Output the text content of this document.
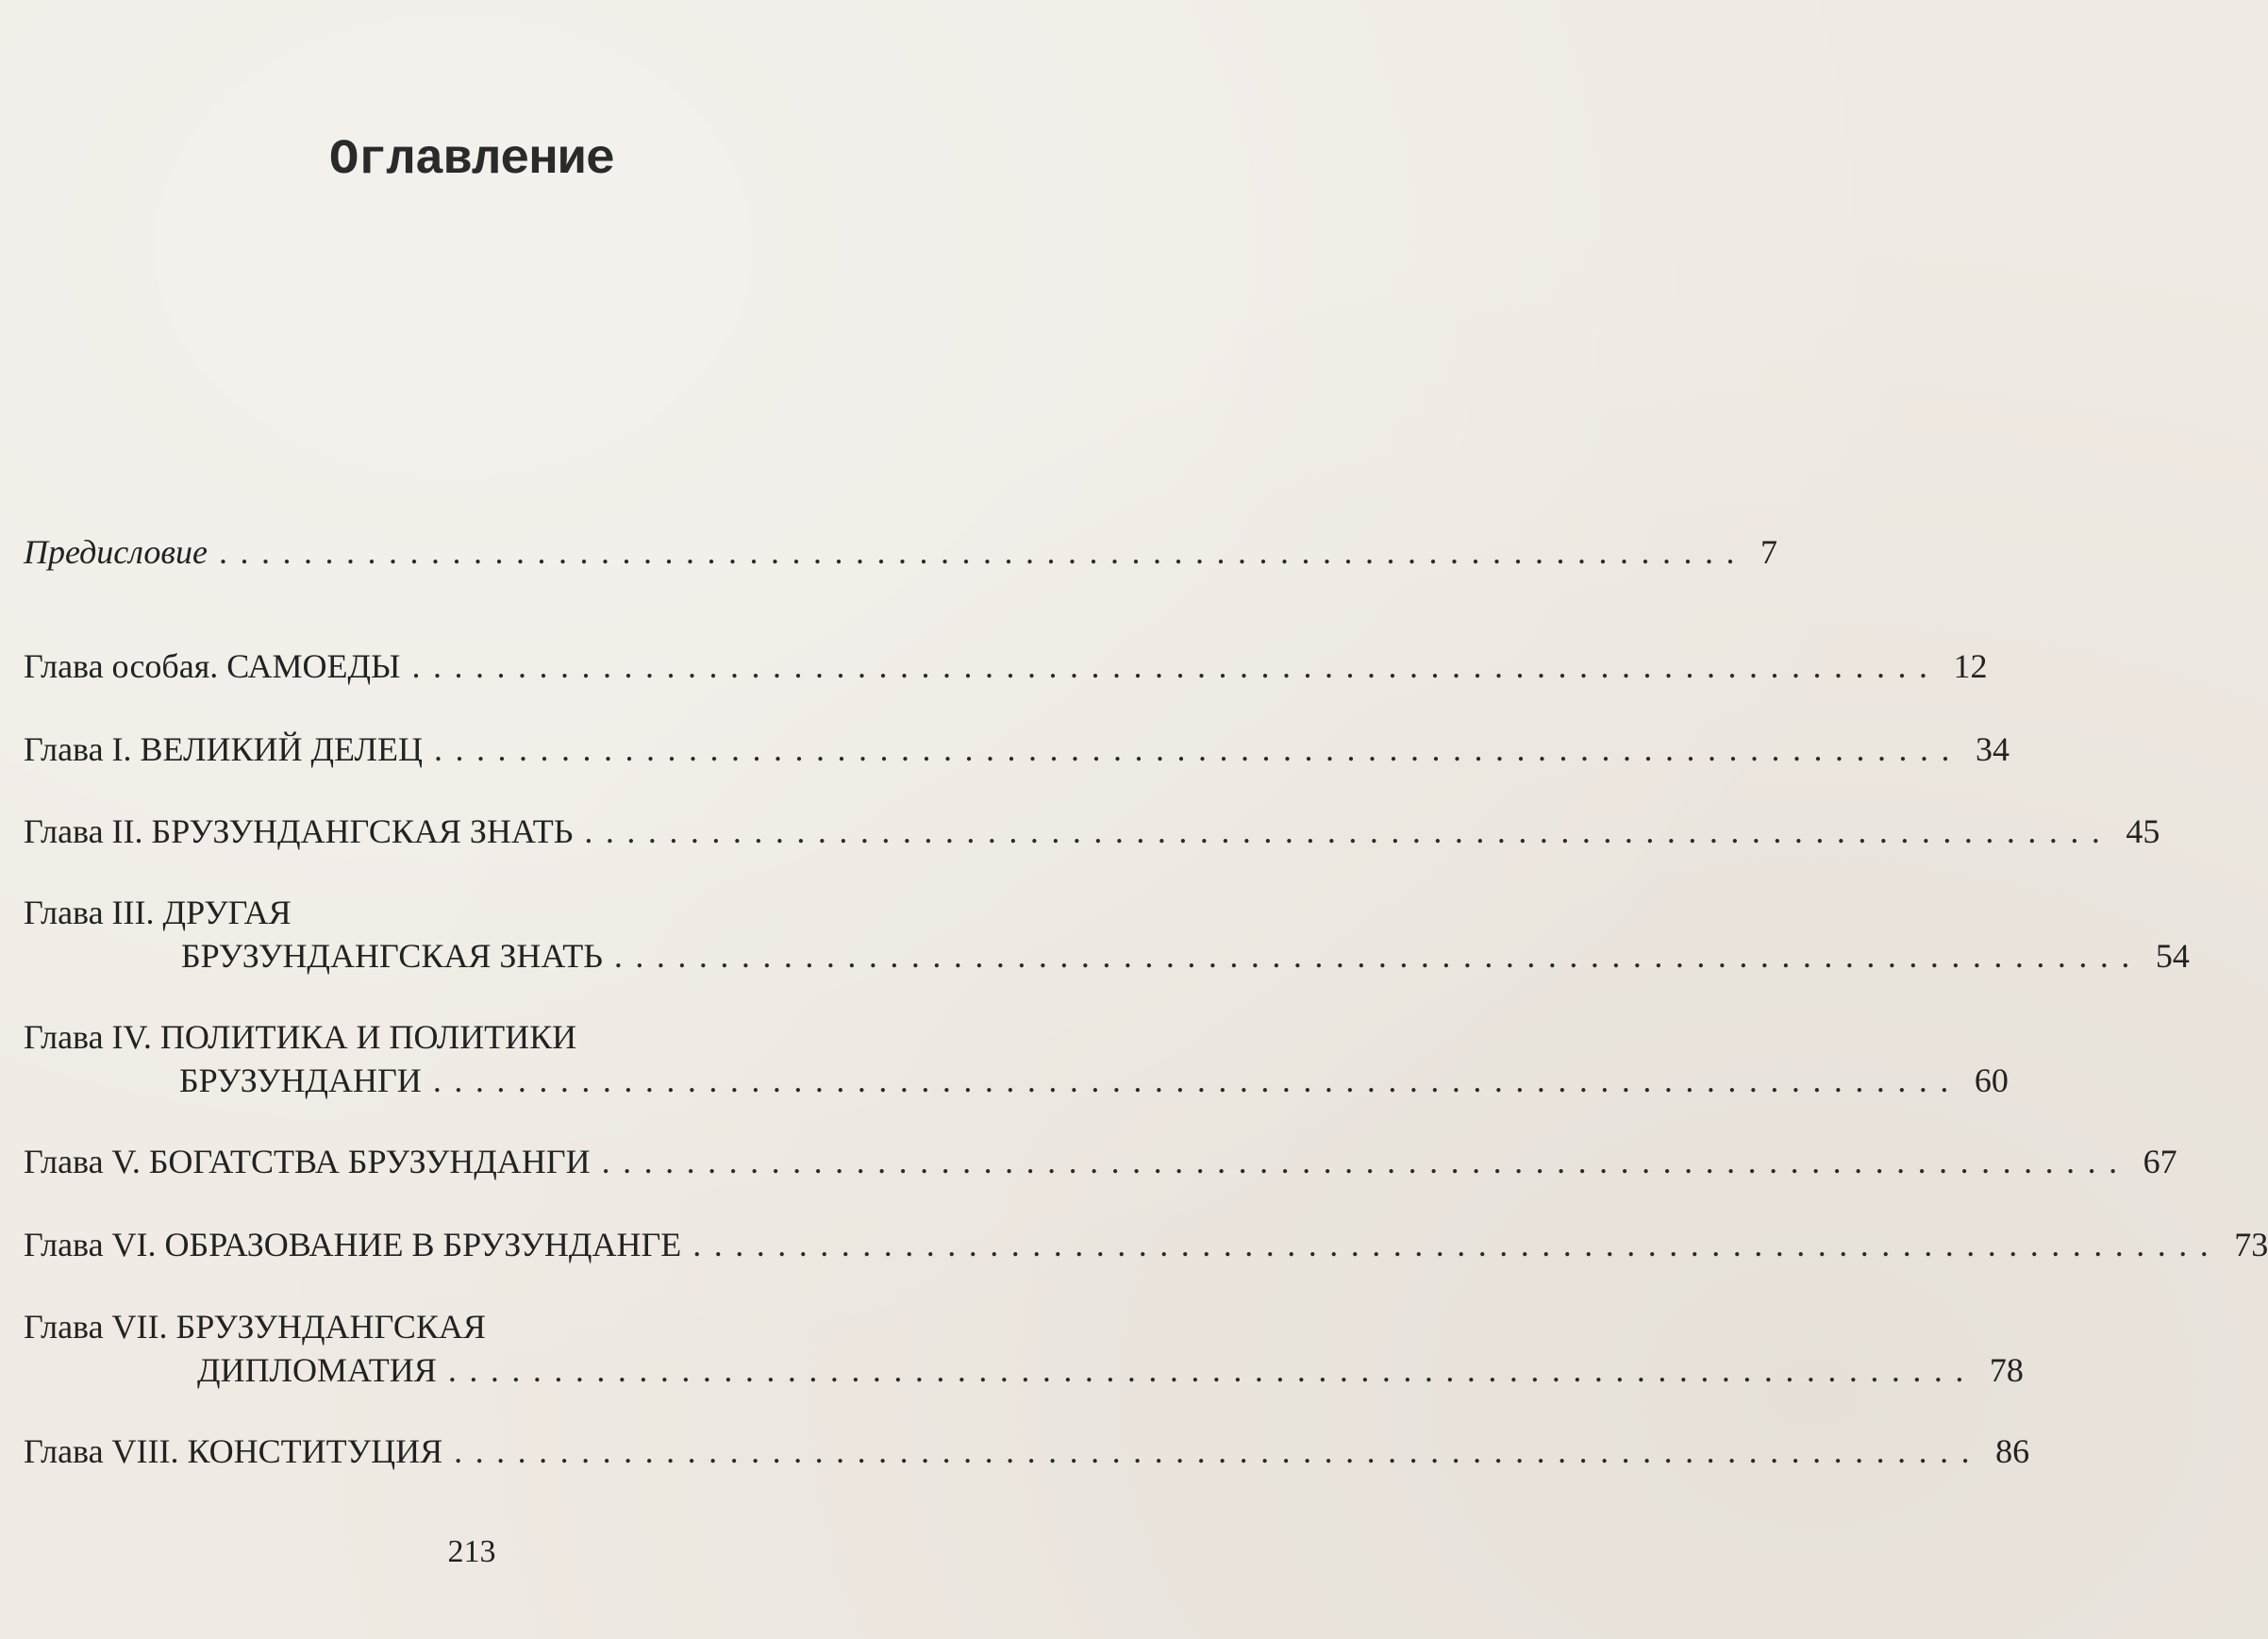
Оглавление
Предисловие ........................................................................ 7
Глава особая. САМОЕДЫ ........................................................................ 12
Глава I. ВЕЛИКИЙ ДЕЛЕЦ ........................................................................ 34
Глава II. БРУЗУНДАНГСКАЯ ЗНАТЬ ........................................................................ 45
Глава III. ДРУГАЯ
БРУЗУНДАНГСКАЯ ЗНАТЬ ........................................................................ 54
Глава IV. ПОЛИТИКА И ПОЛИТИКИ
БРУЗУНДАНГИ ........................................................................ 60
Глава V. БОГАТСТВА БРУЗУНДАНГИ ........................................................................ 67
Глава VI. ОБРАЗОВАНИЕ В БРУЗУНДАНГЕ ........................................................................ 73
Глава VII. БРУЗУНДАНГСКАЯ
ДИПЛОМАТИЯ ........................................................................ 78
Глава VIII. КОНСТИТУЦИЯ ........................................................................ 86
213
